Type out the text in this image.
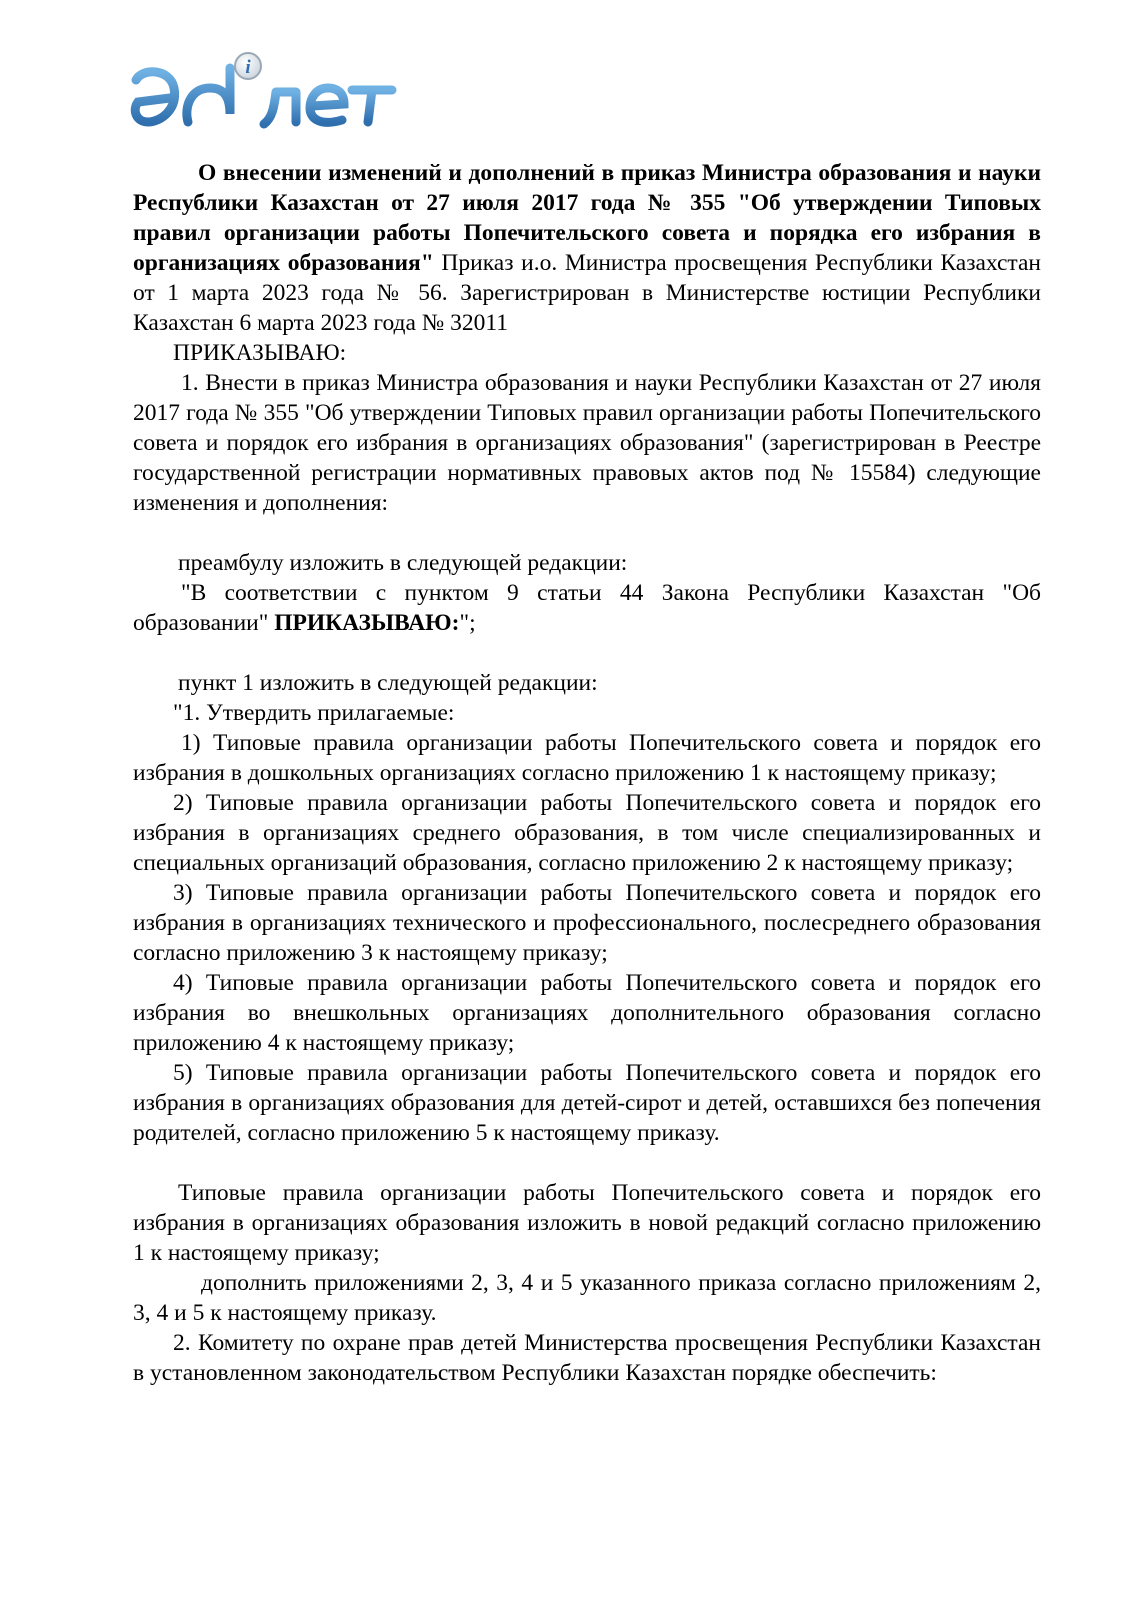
i

О внесении изменений и дополнений в приказ Министра образования и науки Республики Казахстан от 27 июля 2017 года № 355 "Об утверждении Типовых правил организации работы Попечительского совета и порядка его избрания в организациях образования" Приказ и.о. Министра просвещения Республики Казахстан от 1 марта 2023 года № 56. Зарегистрирован в Министерстве юстиции Республики Казахстан 6 марта 2023 года № 32011

ПРИКАЗЫВАЮ:

1. Внести в приказ Министра образования и науки Республики Казахстан от 27 июля 2017 года № 355 "Об утверждении Типовых правил организации работы Попечительского совета и порядок его избрания в организациях образования" (зарегистрирован в Реестре государственной регистрации нормативных правовых актов под № 15584) следующие изменения и дополнения:

преамбулу изложить в следующей редакции:

"В соответствии с пунктом 9 статьи 44 Закона Республики Казахстан "Об образовании" ПРИКАЗЫВАЮ:";

пункт 1 изложить в следующей редакции:

"1. Утвердить прилагаемые:

1) Типовые правила организации работы Попечительского совета и порядок его избрания в дошкольных организациях согласно приложению 1 к настоящему приказу;

2) Типовые правила организации работы Попечительского совета и порядок его избрания в организациях среднего образования, в том числе специализированных и специальных организаций образования, согласно приложению 2 к настоящему приказу;

3) Типовые правила организации работы Попечительского совета и порядок его избрания в организациях технического и профессионального, послесреднего образования согласно приложению 3 к настоящему приказу;

4) Типовые правила организации работы Попечительского совета и порядок его избрания во внешкольных организациях дополнительного образования согласно приложению 4 к настоящему приказу;

5) Типовые правила организации работы Попечительского совета и порядок его избрания в организациях образования для детей-сирот и детей, оставшихся без попечения родителей, согласно приложению 5 к настоящему приказу.

Типовые правила организации работы Попечительского совета и порядок его избрания в организациях образования изложить в новой редакций согласно приложению 1 к настоящему приказу;

дополнить приложениями 2, 3, 4 и 5 указанного приказа согласно приложениям 2, 3, 4 и 5 к настоящему приказу.

2. Комитету по охране прав детей Министерства просвещения Республики Казахстан в установленном законодательством Республики Казахстан порядке обеспечить:
